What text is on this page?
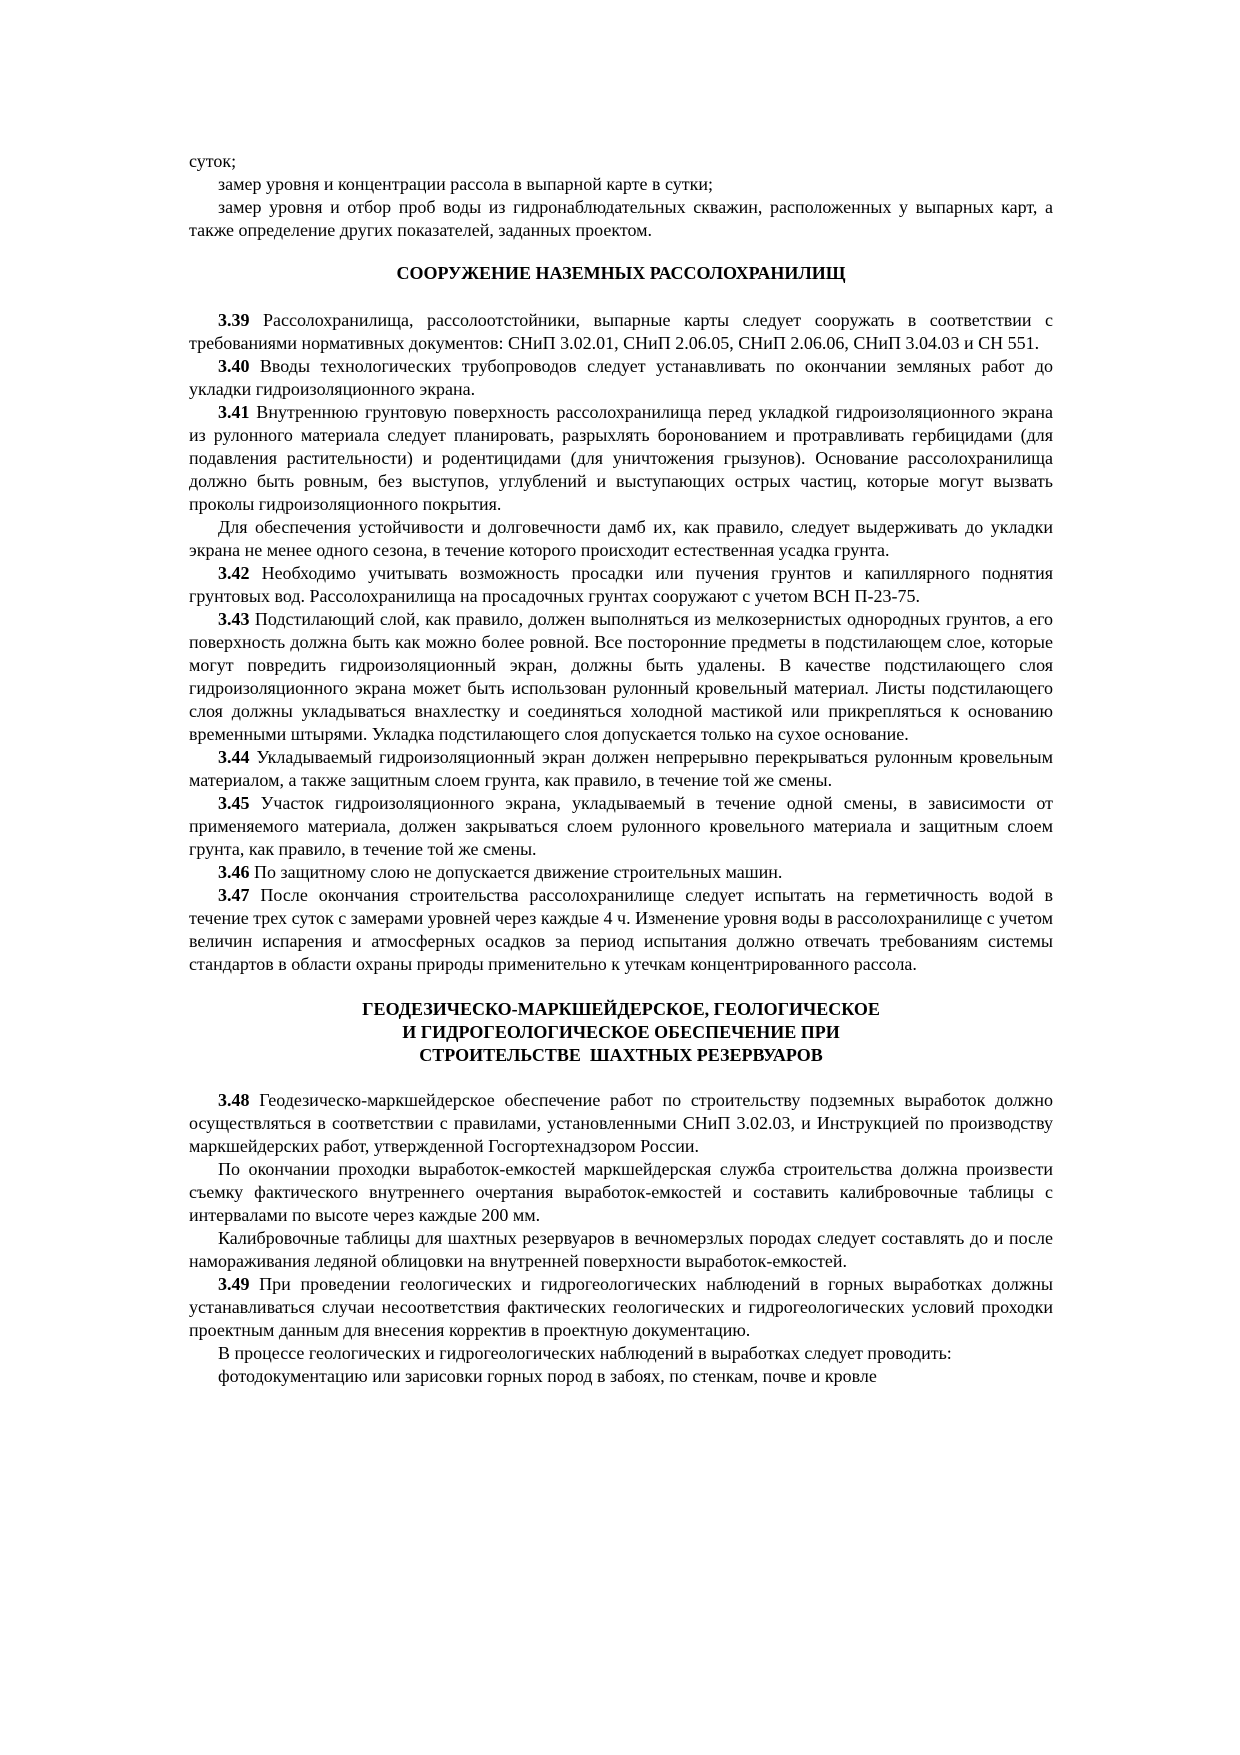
суток;

замер уровня и концентрации рассола в выпарной карте в сутки;

замер уровня и отбор проб воды из гидронаблюдательных скважин, расположенных у выпарных карт, а также определение других показателей, заданных проектом.

СООРУЖЕНИЕ НАЗЕМНЫХ РАССОЛОХРАНИЛИЩ

3.39 Рассолохранилища, рассолоотстойники, выпарные карты следует сооружать в соответствии с требованиями нормативных документов: СНиП 3.02.01, СНиП 2.06.05, СНиП 2.06.06, СНиП 3.04.03 и СН 551.

3.40 Вводы технологических трубопроводов следует устанавливать по окончании земляных работ до укладки гидроизоляционного экрана.

3.41 Внутреннюю грунтовую поверхность рассолохранилища перед укладкой гидроизоляционного экрана из рулонного материала следует планировать, разрыхлять боронованием и протравливать гербицидами (для подавления растительности) и родентицидами (для уничтожения грызунов). Основание рассолохранилища должно быть ровным, без выступов, углублений и выступающих острых частиц, которые могут вызвать проколы гидроизоляционного покрытия.

Для обеспечения устойчивости и долговечности дамб их, как правило, следует выдерживать до укладки экрана не менее одного сезона, в течение которого происходит естественная усадка грунта.

3.42 Необходимо учитывать возможность просадки или пучения грунтов и капиллярного поднятия грунтовых вод. Рассолохранилища на просадочных грунтах сооружают с учетом ВСН П-23-75.

3.43 Подстилающий слой, как правило, должен выполняться из мелкозернистых однородных грунтов, а его поверхность должна быть как можно более ровной. Все посторонние предметы в подстилающем слое, которые могут повредить гидроизоляционный экран, должны быть удалены. В качестве подстилающего слоя гидроизоляционного экрана может быть использован рулонный кровельный материал. Листы подстилающего слоя должны укладываться внахлестку и соединяться холодной мастикой или прикрепляться к основанию временными штырями. Укладка подстилающего слоя допускается только на сухое основание.

3.44 Укладываемый гидроизоляционный экран должен непрерывно перекрываться рулонным кровельным материалом, а также защитным слоем грунта, как правило, в течение той же смены.

3.45 Участок гидроизоляционного экрана, укладываемый в течение одной смены, в зависимости от применяемого материала, должен закрываться слоем рулонного кровельного материала и защитным слоем грунта, как правило, в течение той же смены.

3.46 По защитному слою не допускается движение строительных машин.

3.47 После окончания строительства рассолохранилище следует испытать на герметичность водой в течение трех суток с замерами уровней через каждые 4 ч. Изменение уровня воды в рассолохранилище с учетом величин испарения и атмосферных осадков за период испытания должно отвечать требованиям системы стандартов в области охраны природы применительно к утечкам концентрированного рассола.

ГЕОДЕЗИЧЕСКО-МАРКШЕЙДЕРСКОЕ, ГЕОЛОГИЧЕСКОЕ
И ГИДРОГЕОЛОГИЧЕСКОЕ ОБЕСПЕЧЕНИЕ ПРИ
СТРОИТЕЛЬСТВЕ  ШАХТНЫХ РЕЗЕРВУАРОВ

3.48 Геодезическо-маркшейдерское обеспечение работ по строительству подземных выработок должно осуществляться в соответствии с правилами, установленными СНиП 3.02.03, и Инструкцией по производству маркшейдерских работ, утвержденной Госгортехнадзором России.

По окончании проходки выработок-емкостей маркшейдерская служба строительства должна произвести съемку фактического внутреннего очертания выработок-емкостей и составить калибровочные таблицы с интервалами по высоте через каждые 200 мм.

Калибровочные таблицы для шахтных резервуаров в вечномерзлых породах следует составлять до и после намораживания ледяной облицовки на внутренней поверхности выработок-емкостей.

3.49 При проведении геологических и гидрогеологических наблюдений в горных выработках должны устанавливаться случаи несоответствия фактических геологических и гидрогеологических условий проходки проектным данным для внесения корректив в проектную документацию.

В процессе геологических и гидрогеологических наблюдений в выработках следует проводить:

фотодокументацию или зарисовки горных пород в забоях, по стенкам, почве и кровле
